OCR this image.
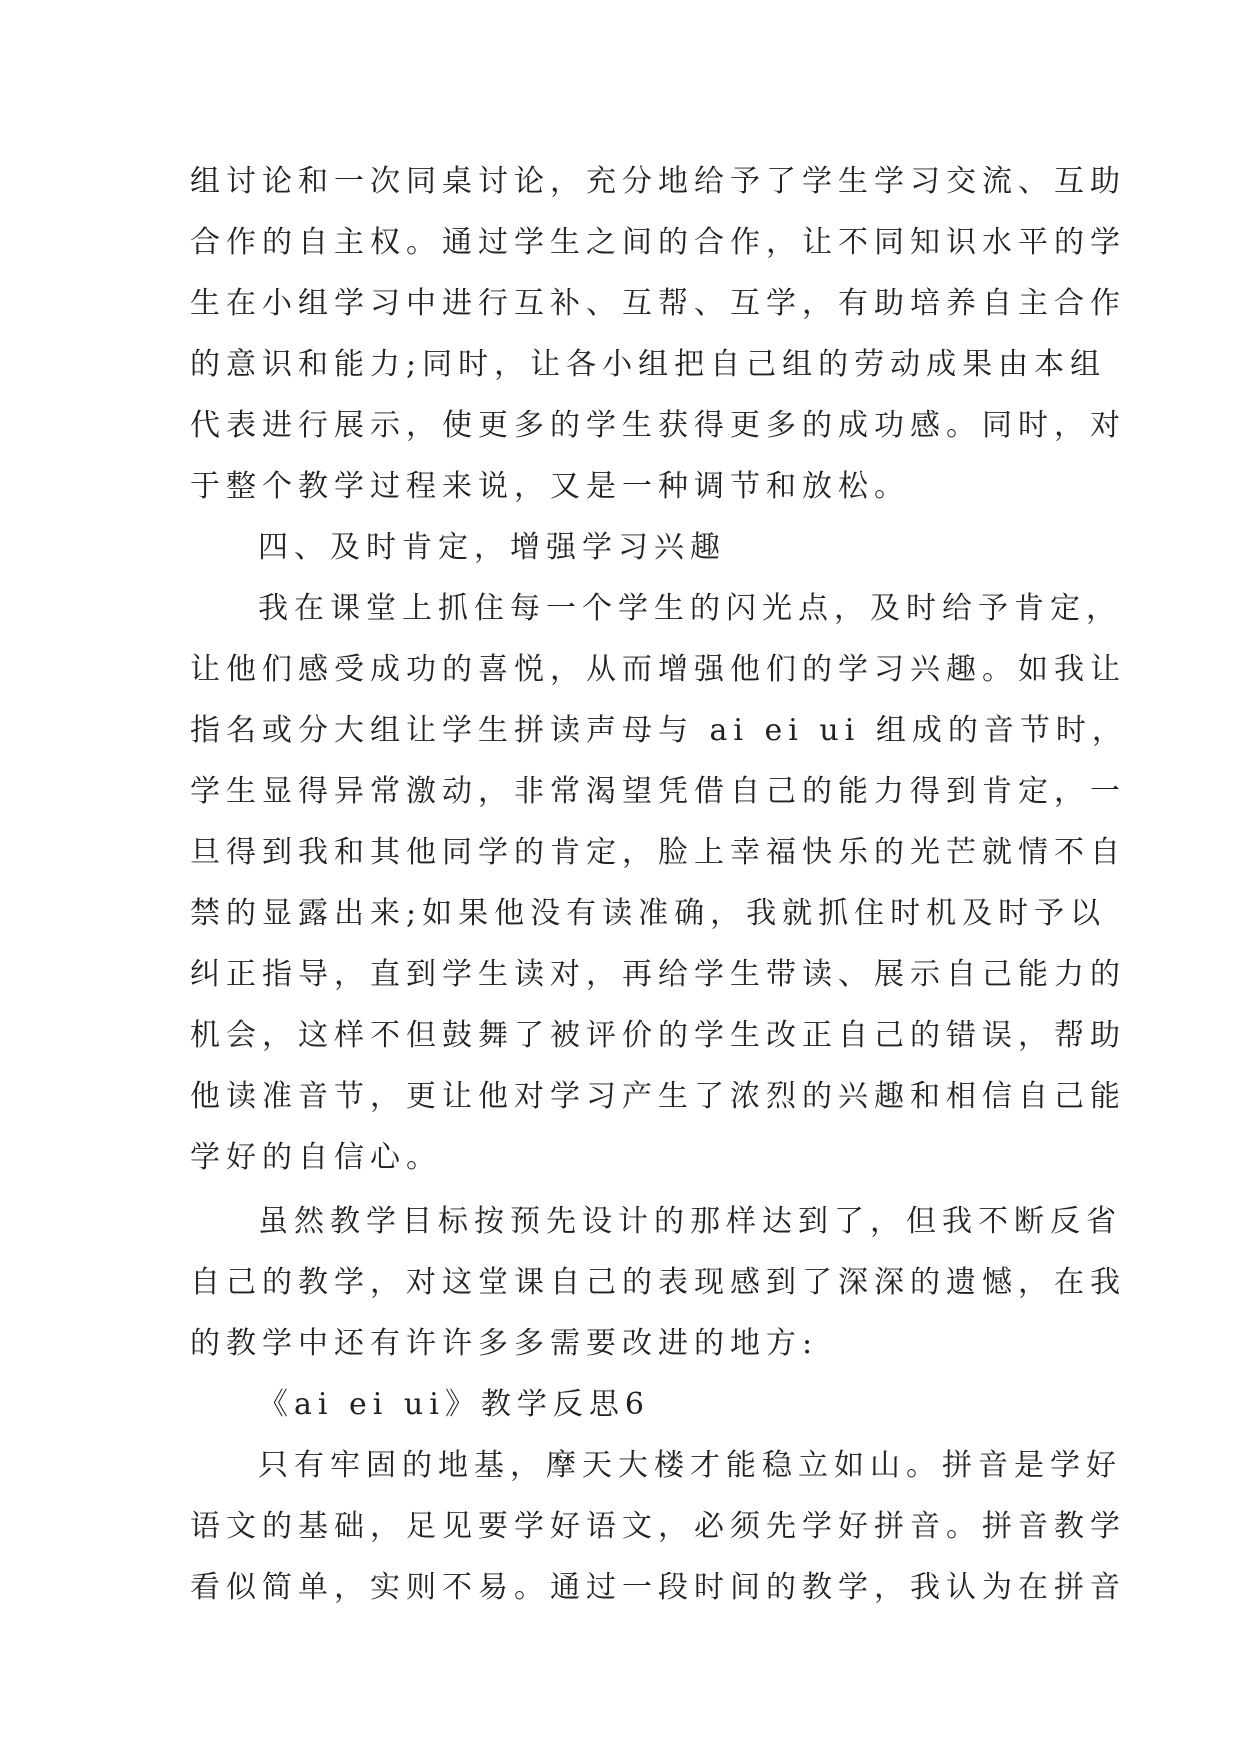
组讨论和一次同桌讨论，充分地给予了学生学习交流、互助
合作的自主权。通过学生之间的合作，让不同知识水平的学
生在小组学习中进行互补、互帮、互学，有助培养自主合作
的意识和能力;同时，让各小组把自己组的劳动成果由本组
代表进行展示，使更多的学生获得更多的成功感。同时，对
于整个教学过程来说，又是一种调节和放松。
四、及时肯定，增强学习兴趣
我在课堂上抓住每一个学生的闪光点，及时给予肯定，
让他们感受成功的喜悦，从而增强他们的学习兴趣。如我让
指名或分大组让学生拼读声母与 ai ei ui 组成的音节时，
学生显得异常激动，非常渴望凭借自己的能力得到肯定，一
旦得到我和其他同学的肯定，脸上幸福快乐的光芒就情不自
禁的显露出来;如果他没有读准确，我就抓住时机及时予以
纠正指导，直到学生读对，再给学生带读、展示自己能力的
机会，这样不但鼓舞了被评价的学生改正自己的错误，帮助
他读准音节，更让他对学习产生了浓烈的兴趣和相信自己能
学好的自信心。
虽然教学目标按预先设计的那样达到了，但我不断反省
自己的教学，对这堂课自己的表现感到了深深的遗憾，在我
的教学中还有许许多多需要改进的地方:
《ai ei ui》教学反思6
只有牢固的地基，摩天大楼才能稳立如山。拼音是学好
语文的基础，足见要学好语文，必须先学好拼音。拼音教学
看似简单，实则不易。通过一段时间的教学，我认为在拼音
